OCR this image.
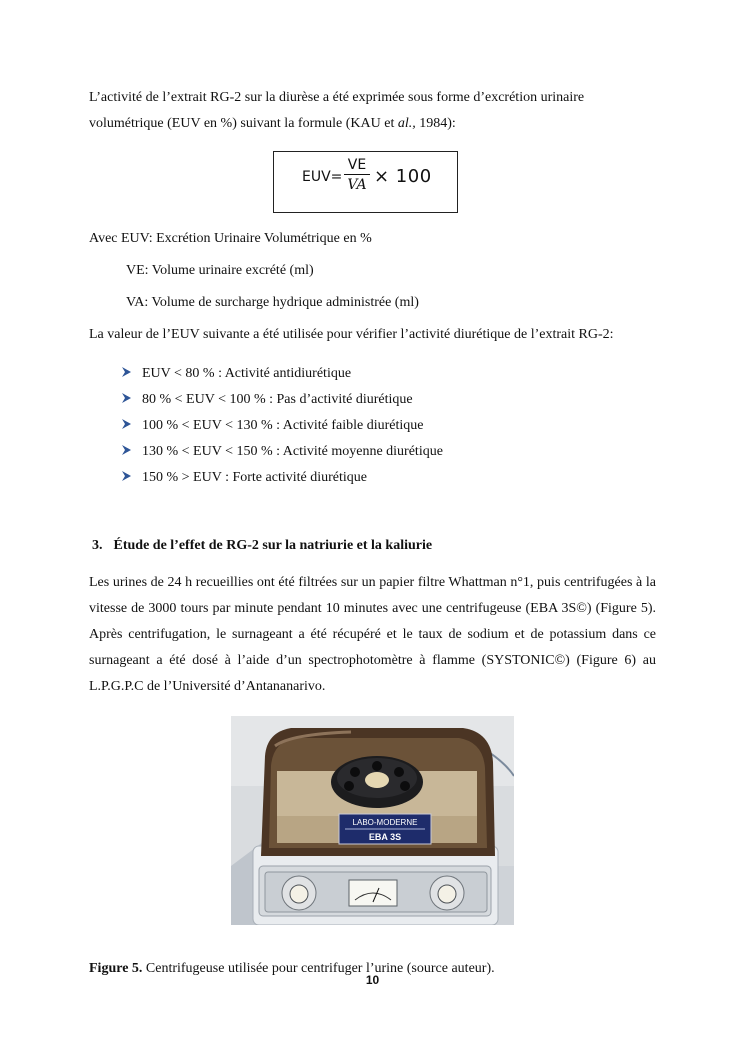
L’activité de l’extrait RG-2 sur la diurèse a été exprimée sous forme d’excrétion urinaire
volumétrique (EUV en %) suivant la formule (KAU et al., 1984):

EUV=
VE
VA × 100

Avec EUV: Excrétion Urinaire Volumétrique en %

VE: Volume urinaire excrété (ml)

VA: Volume de surcharge hydrique administrée (ml)

La valeur de l’EUV suivante a été utilisée pour vérifier l’activité diurétique de l’extrait RG-2:

EUV < 80 % : Activité antidiurétique
80 % < EUV < 100 % : Pas d’activité diurétique
100 % < EUV < 130 % : Activité faible diurétique
130 % < EUV < 150 % : Activité moyenne diurétique
150 % > EUV : Forte activité diurétique
3. Étude de l’effet de RG-2 sur la natriurie et la kaliurie

Les urines de 24 h recueillies ont été filtrées sur un papier filtre Whattman n°1, puis centrifugées à la vitesse de 3000 tours par minute pendant 10 minutes avec une centrifugeuse (EBA 3S©) (Figure 5). Après centrifugation, le surnageant a été récupéré et le taux de sodium et de potassium dans ce surnageant a été dosé à l’aide d’un spectrophotomètre à flamme (SYSTONIC©) (Figure 6) au L.P.G.P.C de l’Université d’Antananarivo.

LABO-MODERNE
EBA 3S

Figure 5. Centrifugeuse utilisée pour centrifuger l’urine (source auteur).

10
